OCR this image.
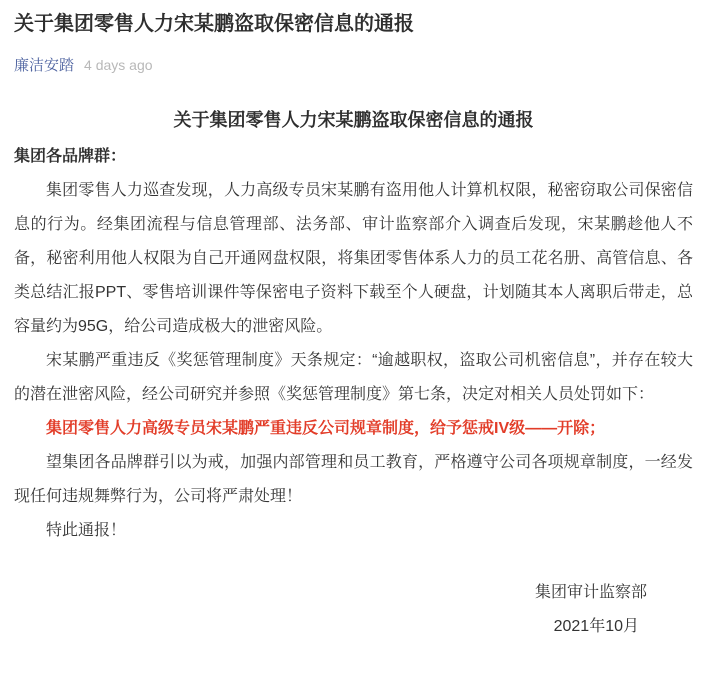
关于集团零售人力宋某鹏盗取保密信息的通报
廉洁安踏 4 days ago
关于集团零售人力宋某鹏盗取保密信息的通报

集团各品牌群：

集团零售人力巡查发现，人力高级专员宋某鹏有盗用他人计算机权限，秘密窃取公司保密信息的行为。经集团流程与信息管理部、法务部、审计监察部介入调查后发现，宋某鹏趁他人不备，秘密利用他人权限为自己开通网盘权限，将集团零售体系人力的员工花名册、高管信息、各类总结汇报PPT、零售培训课件等保密电子资料下载至个人硬盘，计划随其本人离职后带走，总容量约为95G，给公司造成极大的泄密风险。

宋某鹏严重违反《奖惩管理制度》天条规定：“逾越职权，盗取公司机密信息”，并存在较大的潜在泄密风险，经公司研究并参照《奖惩管理制度》第七条，决定对相关人员处罚如下：

集团零售人力高级专员宋某鹏严重违反公司规章制度，给予惩戒IV级——开除；

望集团各品牌群引以为戒，加强内部管理和员工教育，严格遵守公司各项规章制度，一经发现任何违规舞弊行为，公司将严肃处理！

特此通报！

集团审计监察部
2021年10月
